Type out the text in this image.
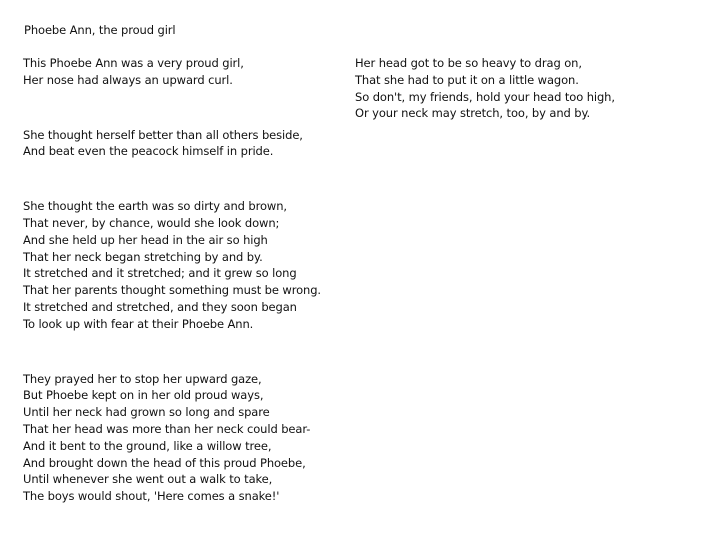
Phoebe Ann, the proud girl
This Phoebe Ann was a very proud girl,
Her nose had always an upward curl.
She thought herself better than all others beside,
And beat even the peacock himself in pride.
She thought the earth was so dirty and brown,
That never, by chance, would she look down;
And she held up her head in the air so high
That her neck began stretching by and by.
It stretched and it stretched; and it grew so long
That her parents thought something must be wrong.
It stretched and stretched, and they soon began
To look up with fear at their Phoebe Ann.
They prayed her to stop her upward gaze,
But Phoebe kept on in her old proud ways,
Until her neck had grown so long and spare
That her head was more than her neck could bear-
And it bent to the ground, like a willow tree,
And brought down the head of this proud Phoebe,
Until whenever she went out a walk to take,
The boys would shout, 'Here comes a snake!'
Her head got to be so heavy to drag on,
That she had to put it on a little wagon.
So don't, my friends, hold your head too high,
Or your neck may stretch, too, by and by.
